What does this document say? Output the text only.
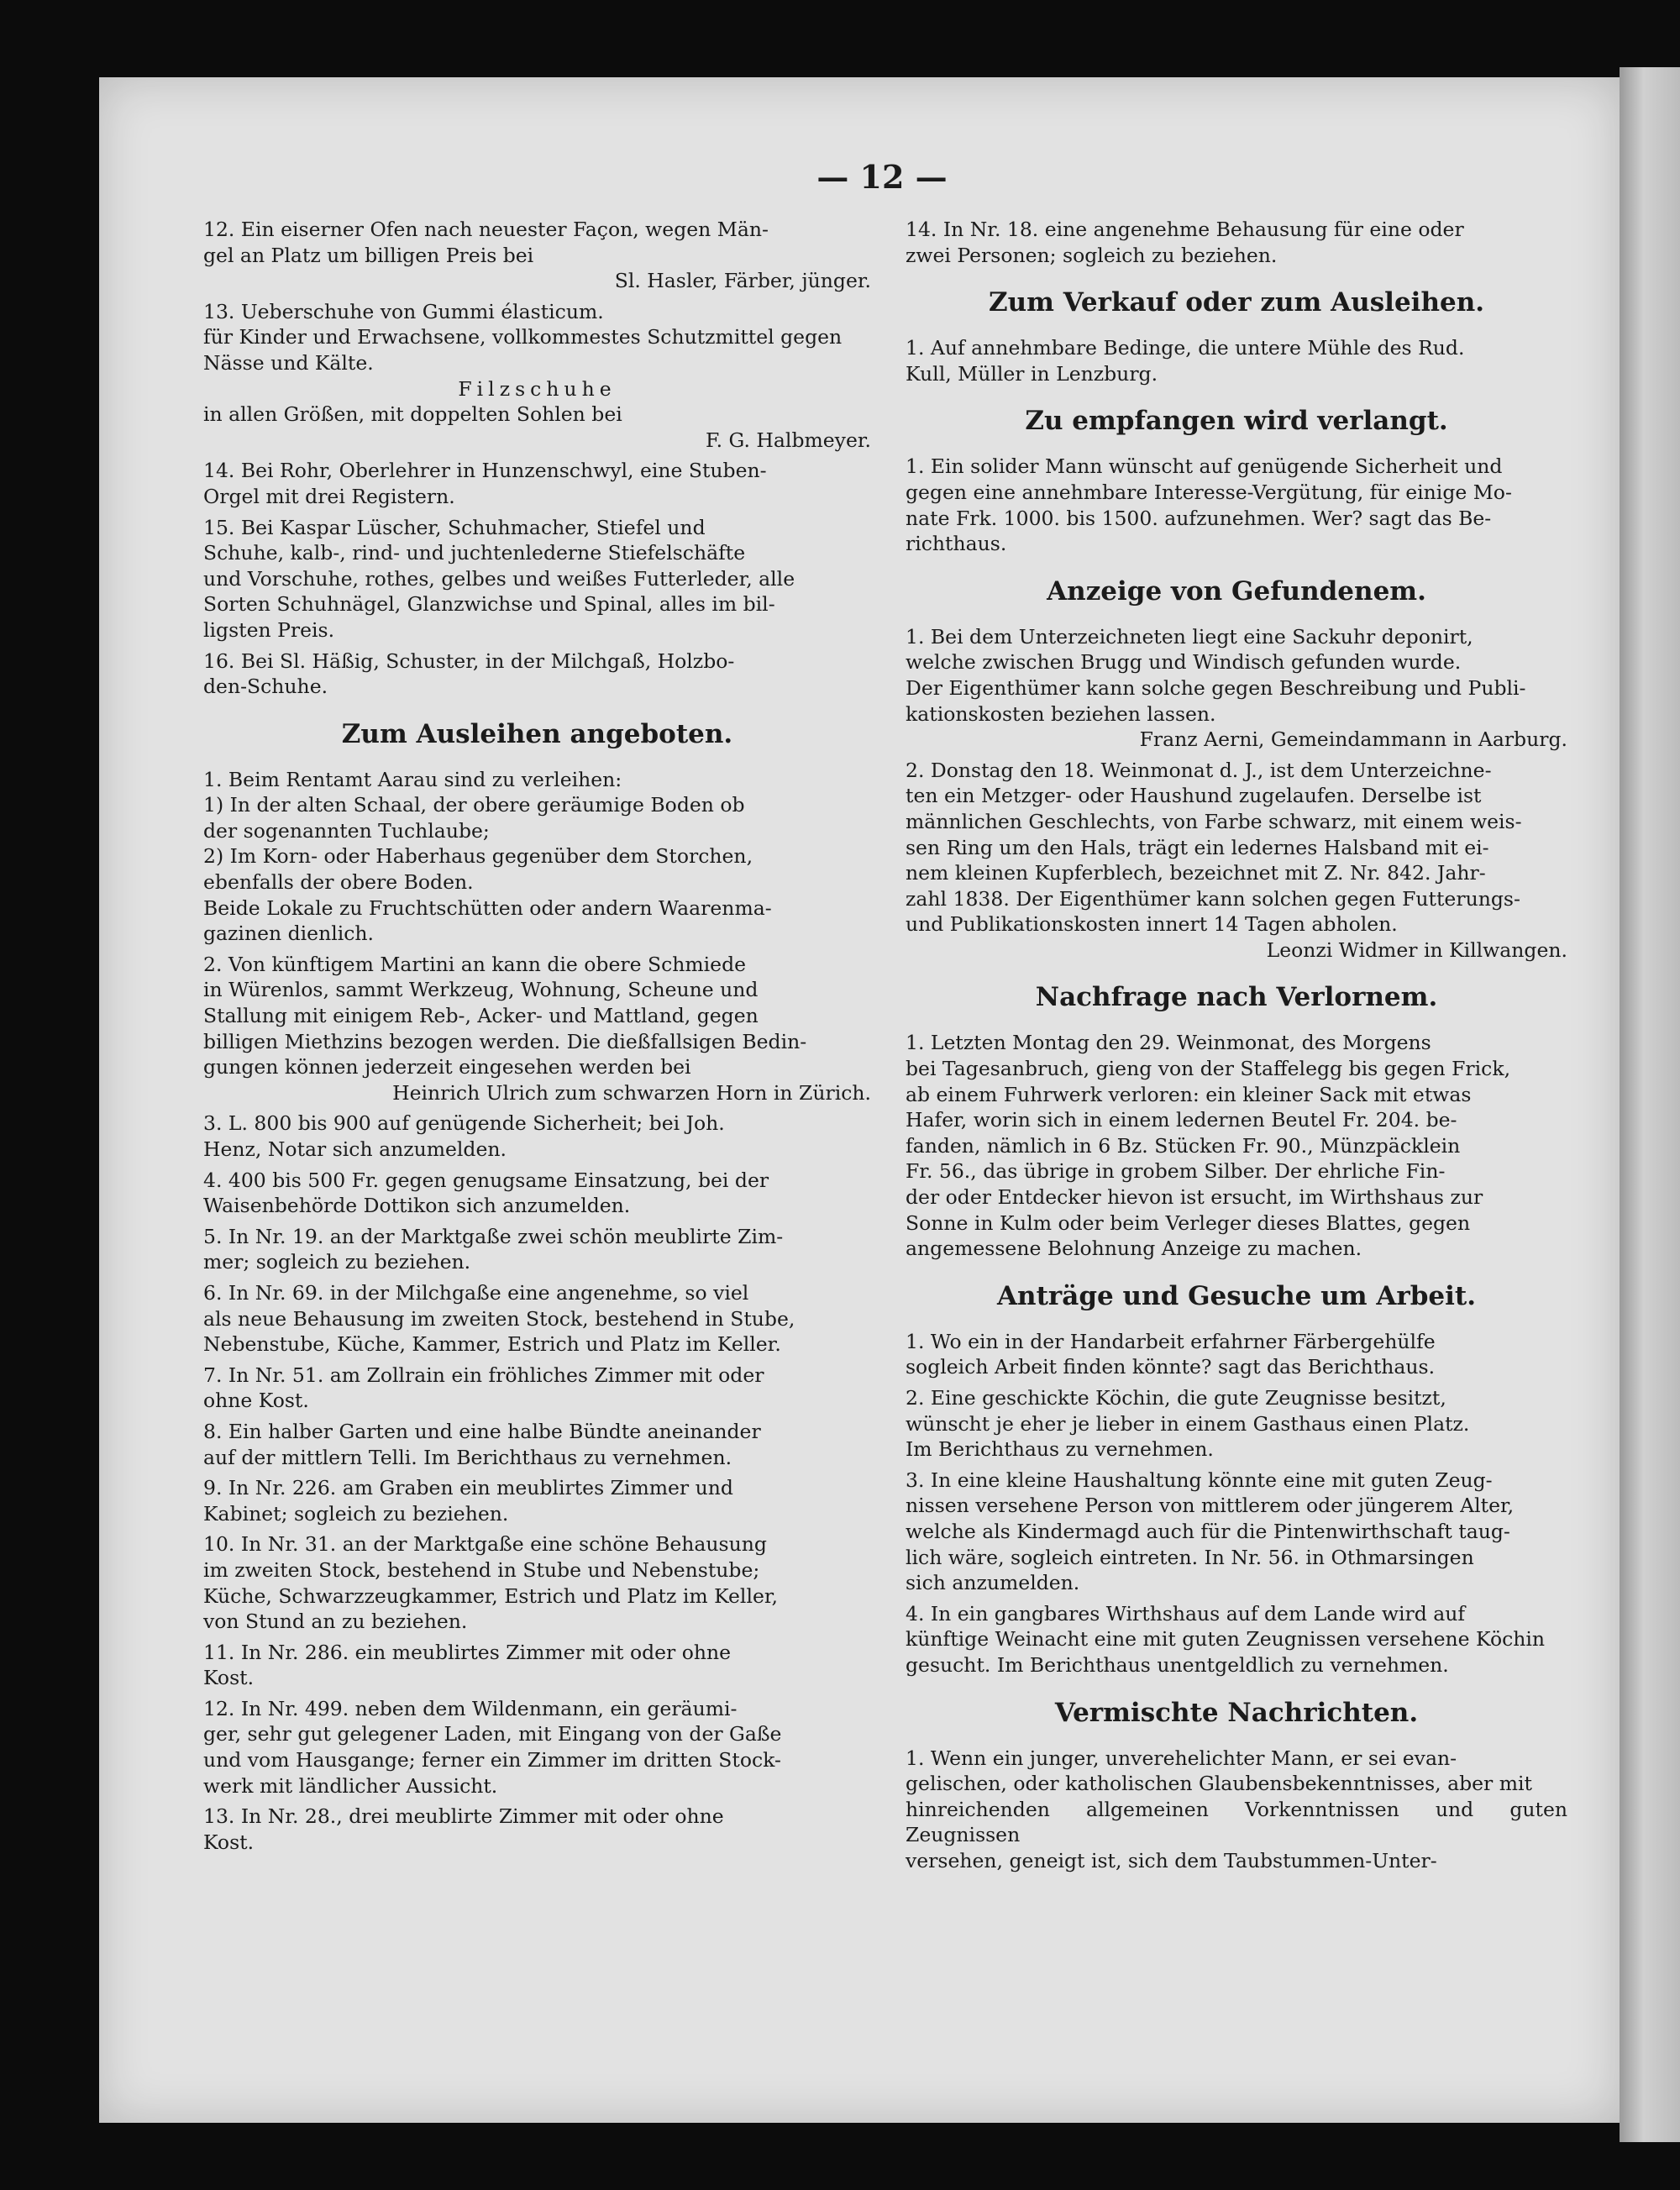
— 12 —
12. Ein eiserner Ofen nach neuester Façon, wegen Män-
gel an Platz um billigen Preis bei
Sl. Hasler, Färber, jünger.
13. Ueberschuhe von Gummi élasticum.
für Kinder und Erwachsene, vollkommestes Schutzmittel gegen
Nässe und Kälte.
Filzschuhe
in allen Größen, mit doppelten Sohlen bei
F. G. Halbmeyer.
14. Bei Rohr, Oberlehrer in Hunzenschwyl, eine Stuben-
Orgel mit drei Registern.
15. Bei Kaspar Lüscher, Schuhmacher, Stiefel und
Schuhe, kalb-, rind- und juchtenlederne Stiefelschäfte
und Vorschuhe, rothes, gelbes und weißes Futterleder, alle
Sorten Schuhnägel, Glanzwichse und Spinal, alles im bil-
ligsten Preis.
16. Bei Sl. Häßig, Schuster, in der Milchgaß, Holzbo-
den-Schuhe.
Zum Ausleihen angeboten.
1. Beim Rentamt Aarau sind zu verleihen:
1) In der alten Schaal, der obere geräumige Boden ob
der sogenannten Tuchlaube;
2) Im Korn- oder Haberhaus gegenüber dem Storchen,
ebenfalls der obere Boden.
Beide Lokale zu Fruchtschütten oder andern Waarenma-
gazinen dienlich.
2. Von künftigem Martini an kann die obere Schmiede
in Würenlos, sammt Werkzeug, Wohnung, Scheune und
Stallung mit einigem Reb-, Acker- und Mattland, gegen
billigen Miethzins bezogen werden. Die dießfallsigen Bedin-
gungen können jederzeit eingesehen werden bei
Heinrich Ulrich zum schwarzen Horn in Zürich.
3. L. 800 bis 900 auf genügende Sicherheit; bei Joh.
Henz, Notar sich anzumelden.
4. 400 bis 500 Fr. gegen genugsame Einsatzung, bei der
Waisenbehörde Dottikon sich anzumelden.
5. In Nr. 19. an der Marktgaße zwei schön meublirte Zim-
mer; sogleich zu beziehen.
6. In Nr. 69. in der Milchgaße eine angenehme, so viel
als neue Behausung im zweiten Stock, bestehend in Stube,
Nebenstube, Küche, Kammer, Estrich und Platz im Keller.
7. In Nr. 51. am Zollrain ein fröhliches Zimmer mit oder
ohne Kost.
8. Ein halber Garten und eine halbe Bündte aneinander
auf der mittlern Telli. Im Berichthaus zu vernehmen.
9. In Nr. 226. am Graben ein meublirtes Zimmer und
Kabinet; sogleich zu beziehen.
10. In Nr. 31. an der Marktgaße eine schöne Behausung
im zweiten Stock, bestehend in Stube und Nebenstube;
Küche, Schwarzzeugkammer, Estrich und Platz im Keller,
von Stund an zu beziehen.
11. In Nr. 286. ein meublirtes Zimmer mit oder ohne
Kost.
12. In Nr. 499. neben dem Wildenmann, ein geräumi-
ger, sehr gut gelegener Laden, mit Eingang von der Gaße
und vom Hausgange; ferner ein Zimmer im dritten Stock-
werk mit ländlicher Aussicht.
13. In Nr. 28., drei meublirte Zimmer mit oder ohne
Kost.
14. In Nr. 18. eine angenehme Behausung für eine oder
zwei Personen; sogleich zu beziehen.
Zum Verkauf oder zum Ausleihen.
1. Auf annehmbare Bedinge, die untere Mühle des Rud.
Kull, Müller in Lenzburg.
Zu empfangen wird verlangt.
1. Ein solider Mann wünscht auf genügende Sicherheit und
gegen eine annehmbare Interesse-Vergütung, für einige Mo-
nate Frk. 1000. bis 1500. aufzunehmen. Wer? sagt das Be-
richthaus.
Anzeige von Gefundenem.
1. Bei dem Unterzeichneten liegt eine Sackuhr deponirt,
welche zwischen Brugg und Windisch gefunden wurde.
Der Eigenthümer kann solche gegen Beschreibung und Publi-
kationskosten beziehen lassen.
Franz Aerni, Gemeindammann in Aarburg.
2. Donstag den 18. Weinmonat d. J., ist dem Unterzeichne-
ten ein Metzger- oder Haushund zugelaufen. Derselbe ist
männlichen Geschlechts, von Farbe schwarz, mit einem weis-
sen Ring um den Hals, trägt ein ledernes Halsband mit ei-
nem kleinen Kupferblech, bezeichnet mit Z. Nr. 842. Jahr-
zahl 1838. Der Eigenthümer kann solchen gegen Futterungs-
und Publikationskosten innert 14 Tagen abholen.
Leonzi Widmer in Killwangen.
Nachfrage nach Verlornem.
1. Letzten Montag den 29. Weinmonat, des Morgens
bei Tagesanbruch, gieng von der Staffelegg bis gegen Frick,
ab einem Fuhrwerk verloren: ein kleiner Sack mit etwas
Hafer, worin sich in einem ledernen Beutel Fr. 204. be-
fanden, nämlich in 6 Bz. Stücken Fr. 90., Münzpäcklein
Fr. 56., das übrige in grobem Silber. Der ehrliche Fin-
der oder Entdecker hievon ist ersucht, im Wirthshaus zur
Sonne in Kulm oder beim Verleger dieses Blattes, gegen
angemessene Belohnung Anzeige zu machen.
Anträge und Gesuche um Arbeit.
1. Wo ein in der Handarbeit erfahrner Färbergehülfe
sogleich Arbeit finden könnte? sagt das Berichthaus.
2. Eine geschickte Köchin, die gute Zeugnisse besitzt,
wünscht je eher je lieber in einem Gasthaus einen Platz.
Im Berichthaus zu vernehmen.
3. In eine kleine Haushaltung könnte eine mit guten Zeug-
nissen versehene Person von mittlerem oder jüngerem Alter,
welche als Kindermagd auch für die Pintenwirthschaft taug-
lich wäre, sogleich eintreten. In Nr. 56. in Othmarsingen
sich anzumelden.
4. In ein gangbares Wirthshaus auf dem Lande wird auf
künftige Weinacht eine mit guten Zeugnissen versehene Köchin
gesucht. Im Berichthaus unentgeldlich zu vernehmen.
Vermischte Nachrichten.
1. Wenn ein junger, unverehelichter Mann, er sei evan-
gelischen, oder katholischen Glaubensbekenntnisses, aber mit
hinreichenden allgemeinen Vorkenntnissen und guten Zeugnissen
versehen, geneigt ist, sich dem Taubstummen-Unter-
